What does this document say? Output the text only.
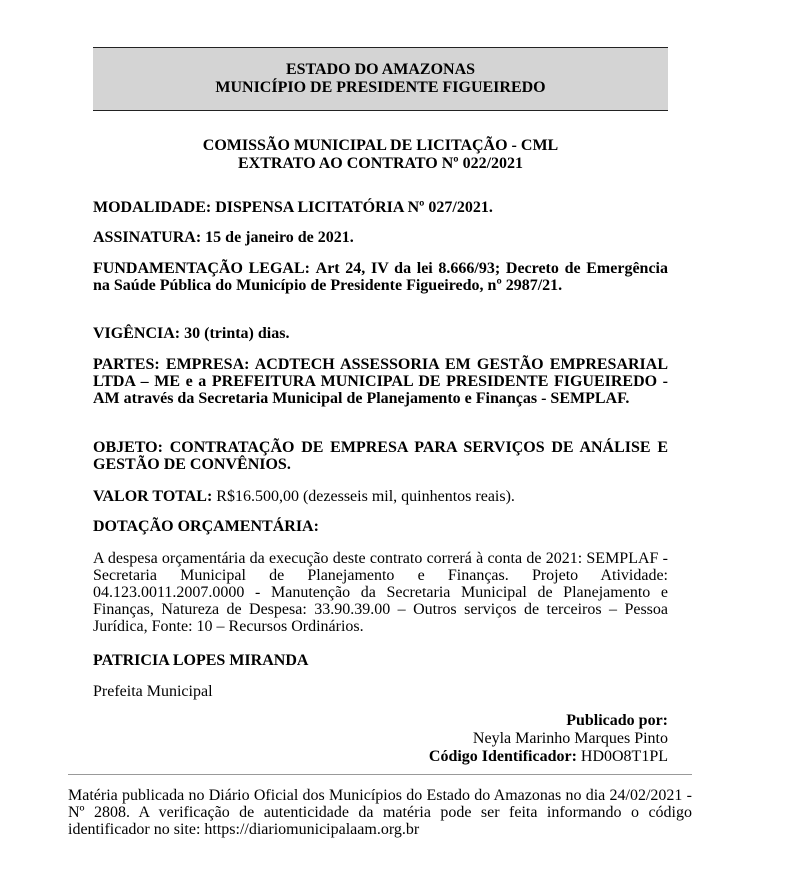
ESTADO DO AMAZONAS
MUNICÍPIO DE PRESIDENTE FIGUEIREDO
COMISSÃO MUNICIPAL DE LICITAÇÃO - CML
EXTRATO AO CONTRATO Nº 022/2021
MODALIDADE: DISPENSA LICITATÓRIA Nº 027/2021.
ASSINATURA: 15 de janeiro de 2021.
FUNDAMENTAÇÃO LEGAL: Art 24, IV da lei 8.666/93; Decreto de Emergência na Saúde Pública do Município de Presidente Figueiredo, nº 2987/21.
VIGÊNCIA: 30 (trinta) dias.
PARTES: EMPRESA: ACDTECH ASSESSORIA EM GESTÃO EMPRESARIAL LTDA – ME e a PREFEITURA MUNICIPAL DE PRESIDENTE FIGUEIREDO - AM através da Secretaria Municipal de Planejamento e Finanças - SEMPLAF.
OBJETO: CONTRATAÇÃO DE EMPRESA PARA SERVIÇOS DE ANÁLISE E GESTÃO DE CONVÊNIOS.
VALOR TOTAL: R$16.500,00 (dezesseis mil, quinhentos reais).
DOTAÇÃO ORÇAMENTÁRIA:
A despesa orçamentária da execução deste contrato correrá à conta de 2021: SEMPLAF - Secretaria Municipal de Planejamento e Finanças. Projeto Atividade: 04.123.0011.2007.0000 - Manutenção da Secretaria Municipal de Planejamento e Finanças, Natureza de Despesa: 33.90.39.00 – Outros serviços de terceiros – Pessoa Jurídica, Fonte: 10 – Recursos Ordinários.
PATRICIA LOPES MIRANDA
Prefeita Municipal
Publicado por:
Neyla Marinho Marques Pinto
Código Identificador: HD0O8T1PL
Matéria publicada no Diário Oficial dos Municípios do Estado do Amazonas no dia 24/02/2021 - Nº 2808. A verificação de autenticidade da matéria pode ser feita informando o código identificador no site: https://diariomunicipalaam.org.br
